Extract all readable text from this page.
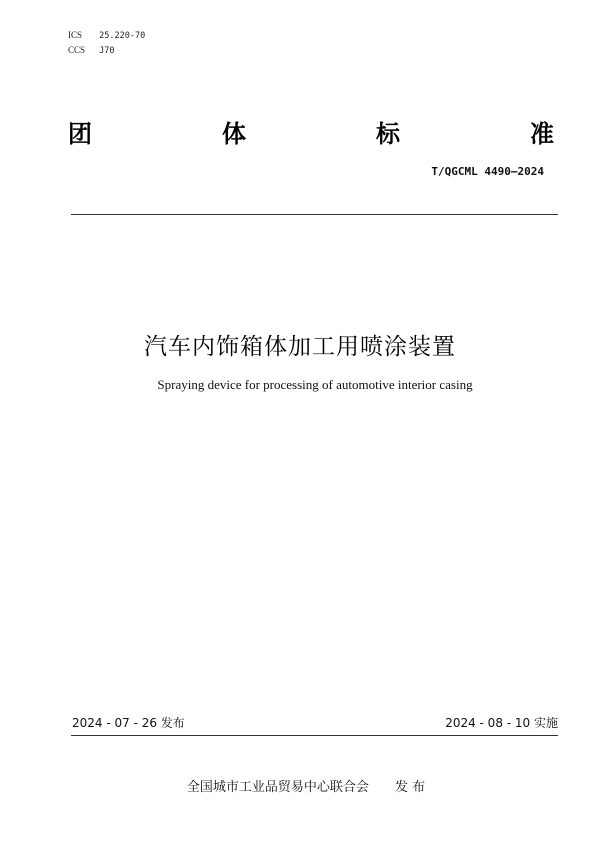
ICS 25.220-70
CCS J70
团	体	标	准
T/QGCML 4490—2024
汽车内饰箱体加工用喷涂装置
Spraying device for processing of automotive interior casing
2024 - 07 - 26 发布	2024 - 08 - 10 实施
全国城市工业品贸易中心联合会 发 布
